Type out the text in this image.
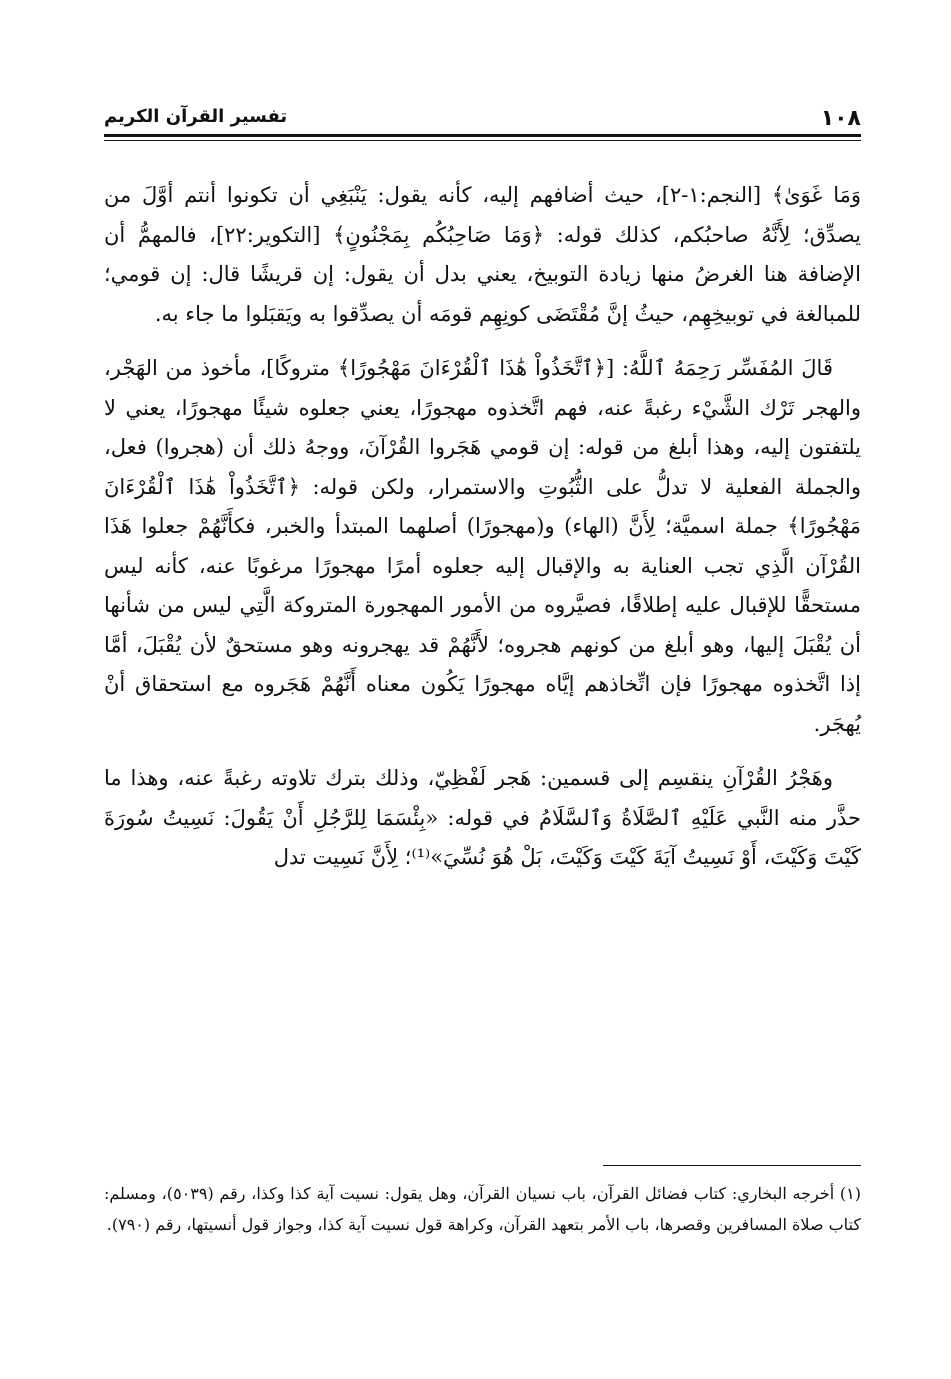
١٠٨
تفسير القرآن الكريم

وَمَا غَوَىٰ﴾ [النجم:١-٢]، حيث أضافهم إليه، كأنه يقول: يَنْبَغِي أن تكونوا أنتم أوَّلَ من يصدِّق؛ لِأَنَّهُ صاحبُكم، كذلك قوله: ﴿وَمَا صَاحِبُكُم بِمَجْنُونٍ﴾ [التكوير:٢٢]، فالمهمُّ أن الإضافة هنا الغرضُ منها زيادة التوبيخ، يعني بدل أن يقول: إن قريشًا قال: إن قومي؛ للمبالغة في توبيخِهِم، حيثُ إنَّ مُقْتَضَى كونِهِم قومَه أن يصدِّقوا به ويَقبَلوا ما جاء به.

قَالَ المُفَسِّر رَحِمَهُ ٱللَّهُ: [﴿ٱتَّخَذُواْ هَٰذَا ٱلْقُرْءَانَ مَهْجُورًا﴾ متروكًا]، مأخوذ من الهَجْر، والهجر تَرْك الشَّيْء رغبةً عنه، فهم اتَّخذوه مهجورًا، يعني جعلوه شيئًا مهجورًا، يعني لا يلتفتون إليه، وهذا أبلغ من قوله: إن قومي هَجَروا القُرْآنَ، ووجهُ ذلك أن (هجروا) فعل، والجملة الفعلية لا تدلُّ على الثُّبُوتِ والاستمرار، ولكن قوله: ﴿ٱتَّخَذُواْ هَٰذَا ٱلْقُرْءَانَ مَهْجُورًا﴾ جملة اسميَّة؛ لِأَنَّ (الهاء) و(مهجورًا) أصلهما المبتدأ والخبر، فكأَنَّهُمْ جعلوا هَذَا القُرْآن الَّذِي تجب العناية به والإقبال إليه جعلوه أمرًا مهجورًا مرغوبًا عنه، كأنه ليس مستحقًّا للإقبال عليه إطلاقًا، فصيَّروه من الأمور المهجورة المتروكة الَّتِي ليس من شأنها أن يُقْبَلَ إليها، وهو أبلغ من كونهم هجروه؛ لأَنَّهُمْ قد يهجرونه وهو مستحقٌ لأن يُقْبَلَ، أمَّا إذا اتَّخذوه مهجورًا فإن اتِّخاذهم إيَّاه مهجورًا يَكُون معناه أَنَّهُمْ هَجَروه مع استحقاق أنْ يُهجَر.

وهَجْرُ القُرْآنِ ينقسِم إلى قسمين: هَجر لَفْظِيّ، وذلك بترك تلاوته رغبةً عنه، وهذا ما حذَّر منه النَّبي عَلَيْهِ ٱلصَّلَاةُ وَٱلسَّلَامُ في قوله: «بِئْسَمَا لِلرَّجُلِ أَنْ يَقُولَ: نَسِيتُ سُورَةَ كَيْتَ وَكَيْتَ، أَوْ نَسِيتُ آيَةَ كَيْتَ وَكَيْتَ، بَلْ هُوَ نُسِّيَ»⁽¹⁾؛ لِأَنَّ نَسِيت تدل

(١) أخرجه البخاري: كتاب فضائل القرآن، باب نسيان القرآن، وهل يقول: نسيت آية كذا وكذا، رقم (٥٠٣٩)، ومسلم: كتاب صلاة المسافرين وقصرها، باب الأمر بتعهد القرآن، وكراهة قول نسيت آية كذا، وجواز قول أنسيتها، رقم (٧٩٠).
